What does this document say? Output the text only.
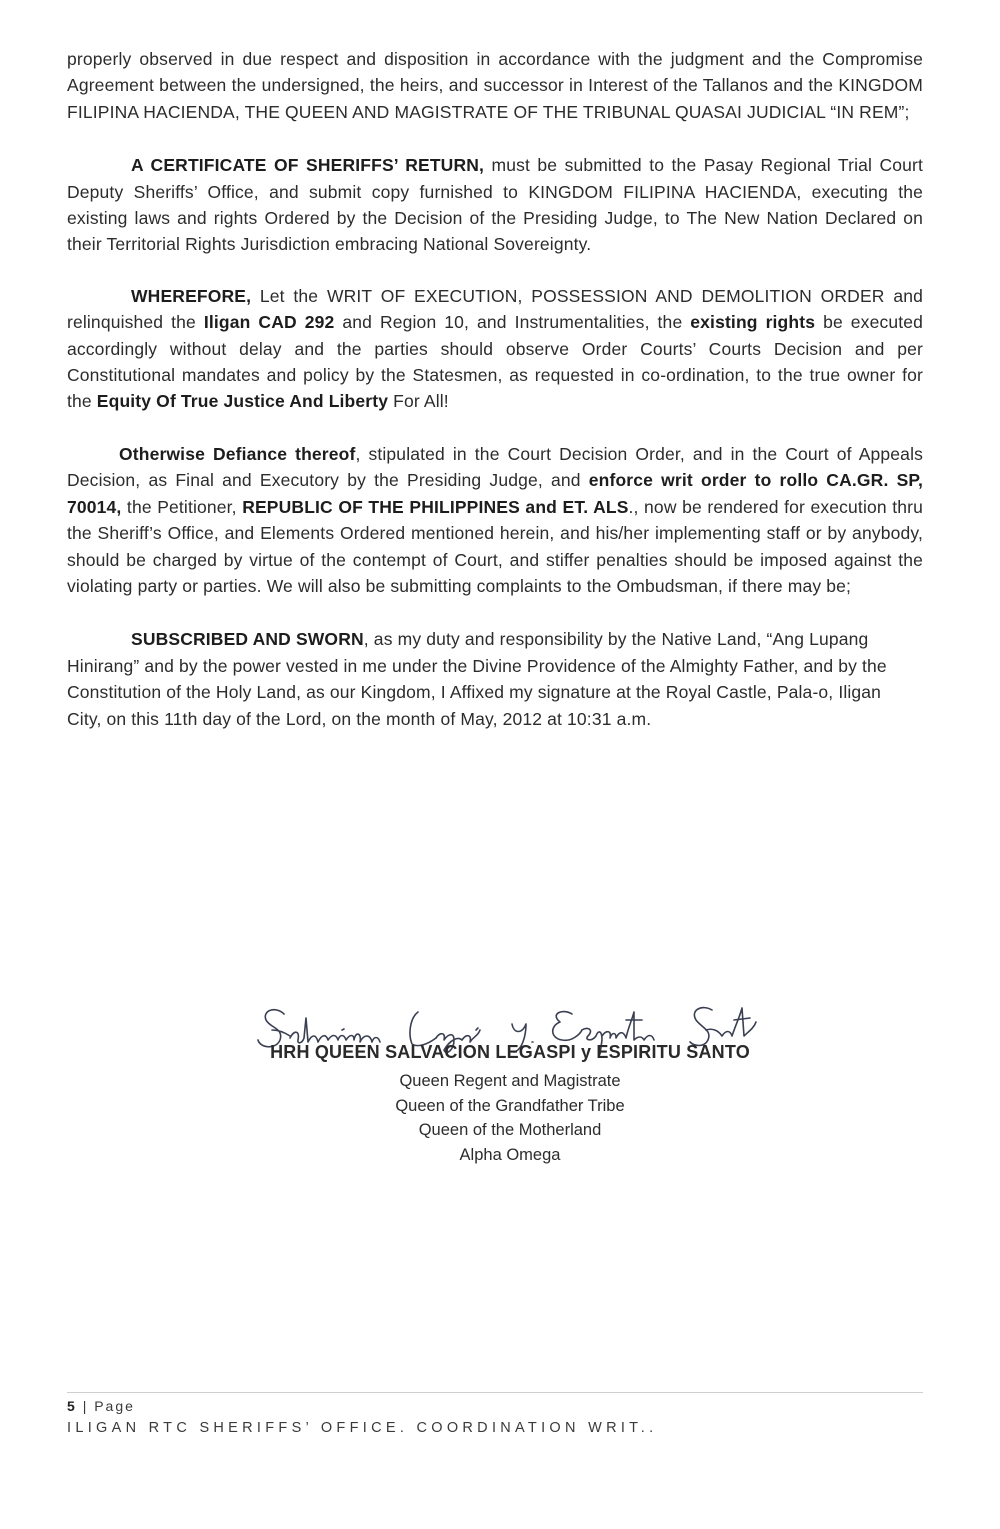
properly observed in due respect and disposition in accordance with the judgment and the Compromise Agreement between the undersigned, the heirs, and successor in Interest of the Tallanos and the KINGDOM FILIPINA HACIENDA, THE QUEEN AND MAGISTRATE OF THE TRIBUNAL QUASAI JUDICIAL “IN REM”;

A CERTIFICATE OF SHERIFFS’ RETURN, must be submitted to the Pasay Regional Trial Court Deputy Sheriffs’ Office, and submit copy furnished to KINGDOM FILIPINA HACIENDA, executing the existing laws and rights Ordered by the Decision of the Presiding Judge, to The New Nation Declared on their Territorial Rights Jurisdiction embracing National Sovereignty.

WHEREFORE, Let the WRIT OF EXECUTION, POSSESSION AND DEMOLITION ORDER and relinquished the Iligan CAD 292 and Region 10, and Instrumentalities, the existing rights be executed accordingly without delay and the parties should observe Order Courts’ Courts Decision and per Constitutional mandates and policy by the Statesmen, as requested in co-ordination, to the true owner for the Equity Of True Justice And Liberty For All!

Otherwise Defiance thereof, stipulated in the Court Decision Order, and in the Court of Appeals Decision, as Final and Executory by the Presiding Judge, and enforce writ order to rollo CA.GR. SP, 70014, the Petitioner, REPUBLIC OF THE PHILIPPINES and ET. ALS., now be rendered for execution thru the Sheriff’s Office, and Elements Ordered mentioned herein, and his/her implementing staff or by anybody, should be charged by virtue of the contempt of Court, and stiffer penalties should be imposed against the violating party or parties. We will also be submitting complaints to the Ombudsman, if there may be;

SUBSCRIBED AND SWORN, as my duty and responsibility by the Native Land, “Ang Lupang Hinirang” and by the power vested in me under the Divine Providence of the Almighty Father, and by the Constitution of the Holy Land, as our Kingdom, I Affixed my signature at the Royal Castle, Pala-o, Iligan City, on this 11th day of the Lord, on the month of May, 2012 at 10:31 a.m.

HRH QUEEN SALVACION LEGASPI y ESPIRITU SANTO

Queen Regent and Magistrate

Queen of the Grandfather Tribe

Queen of the Motherland

Alpha Omega

5 | Page
ILIGAN RTC SHERIFFS’ OFFICE. COORDINATION WRIT..
